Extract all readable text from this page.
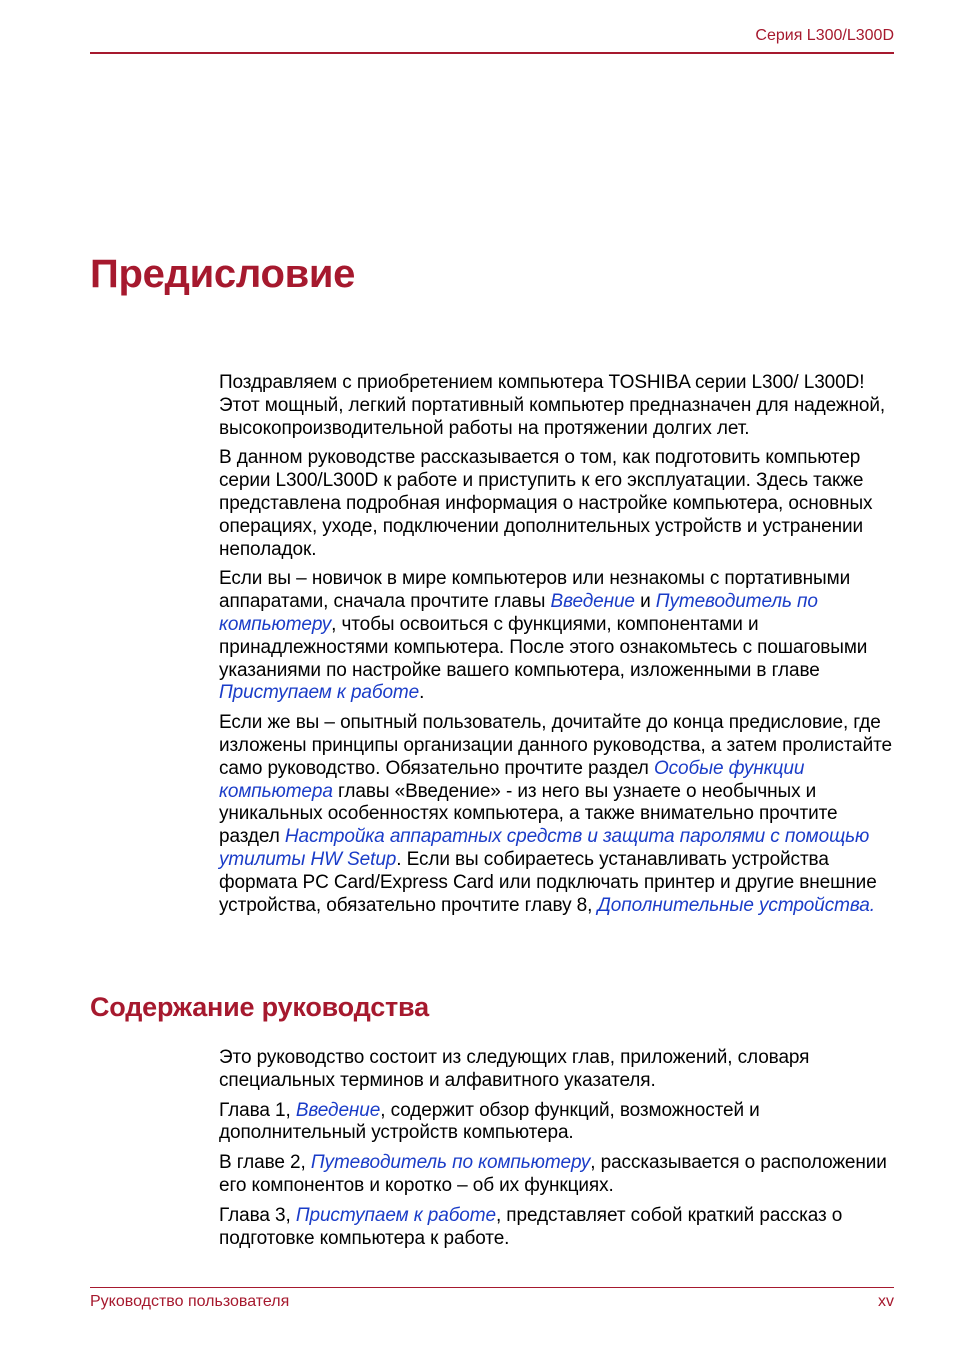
Серия L300/L300D
Предисловие

Поздравляем с приобретением компьютера TOSHIBA серии L300/ L300D! Этот мощный, легкий портативный компьютер предназначен для надежной, высокопроизводительной работы на протяжении долгих лет.

В данном руководстве рассказывается о том, как подготовить компьютер серии L300/L300D к работе и приступить к его эксплуатации. Здесь также представлена подробная информация о настройке компьютера, основных операциях, уходе, подключении дополнительных устройств и устранении неполадок.

Если вы – новичок в мире компьютеров или незнакомы с портативными аппаратами, сначала прочтите главы Введение и Путеводитель по компьютеру, чтобы освоиться с функциями, компонентами и принадлежностями компьютера. После этого ознакомьтесь с пошаговыми указаниями по настройке вашего компьютера, изложенными в главе Приступаем к работе.

Если же вы – опытный пользователь, дочитайте до конца предисловие, где изложены принципы организации данного руководства, а затем пролистайте само руководство. Обязательно прочтите раздел Особые функции компьютера главы «Введение» - из него вы узнаете о необычных и уникальных особенностях компьютера, а также внимательно прочтите раздел Настройка аппаратных средств и защита паролями с помощью утилиты HW Setup. Если вы собираетесь устанавливать устройства формата PC Card/Express Card или подключать принтер и другие внешние устройства, обязательно прочтите главу 8, Дополнительные устройства.

Содержание руководства

Это руководство состоит из следующих глав, приложений, словаря специальных терминов и алфавитного указателя.

Глава 1, Введение, содержит обзор функций, возможностей и дополнительный устройств компьютера.

В главе 2, Путеводитель по компьютеру, рассказывается о расположении его компонентов и коротко – об их функциях.

Глава 3, Приступаем к работе, представляет собой краткий рассказ о подготовке компьютера к работе.

Руководство пользователя	xv
